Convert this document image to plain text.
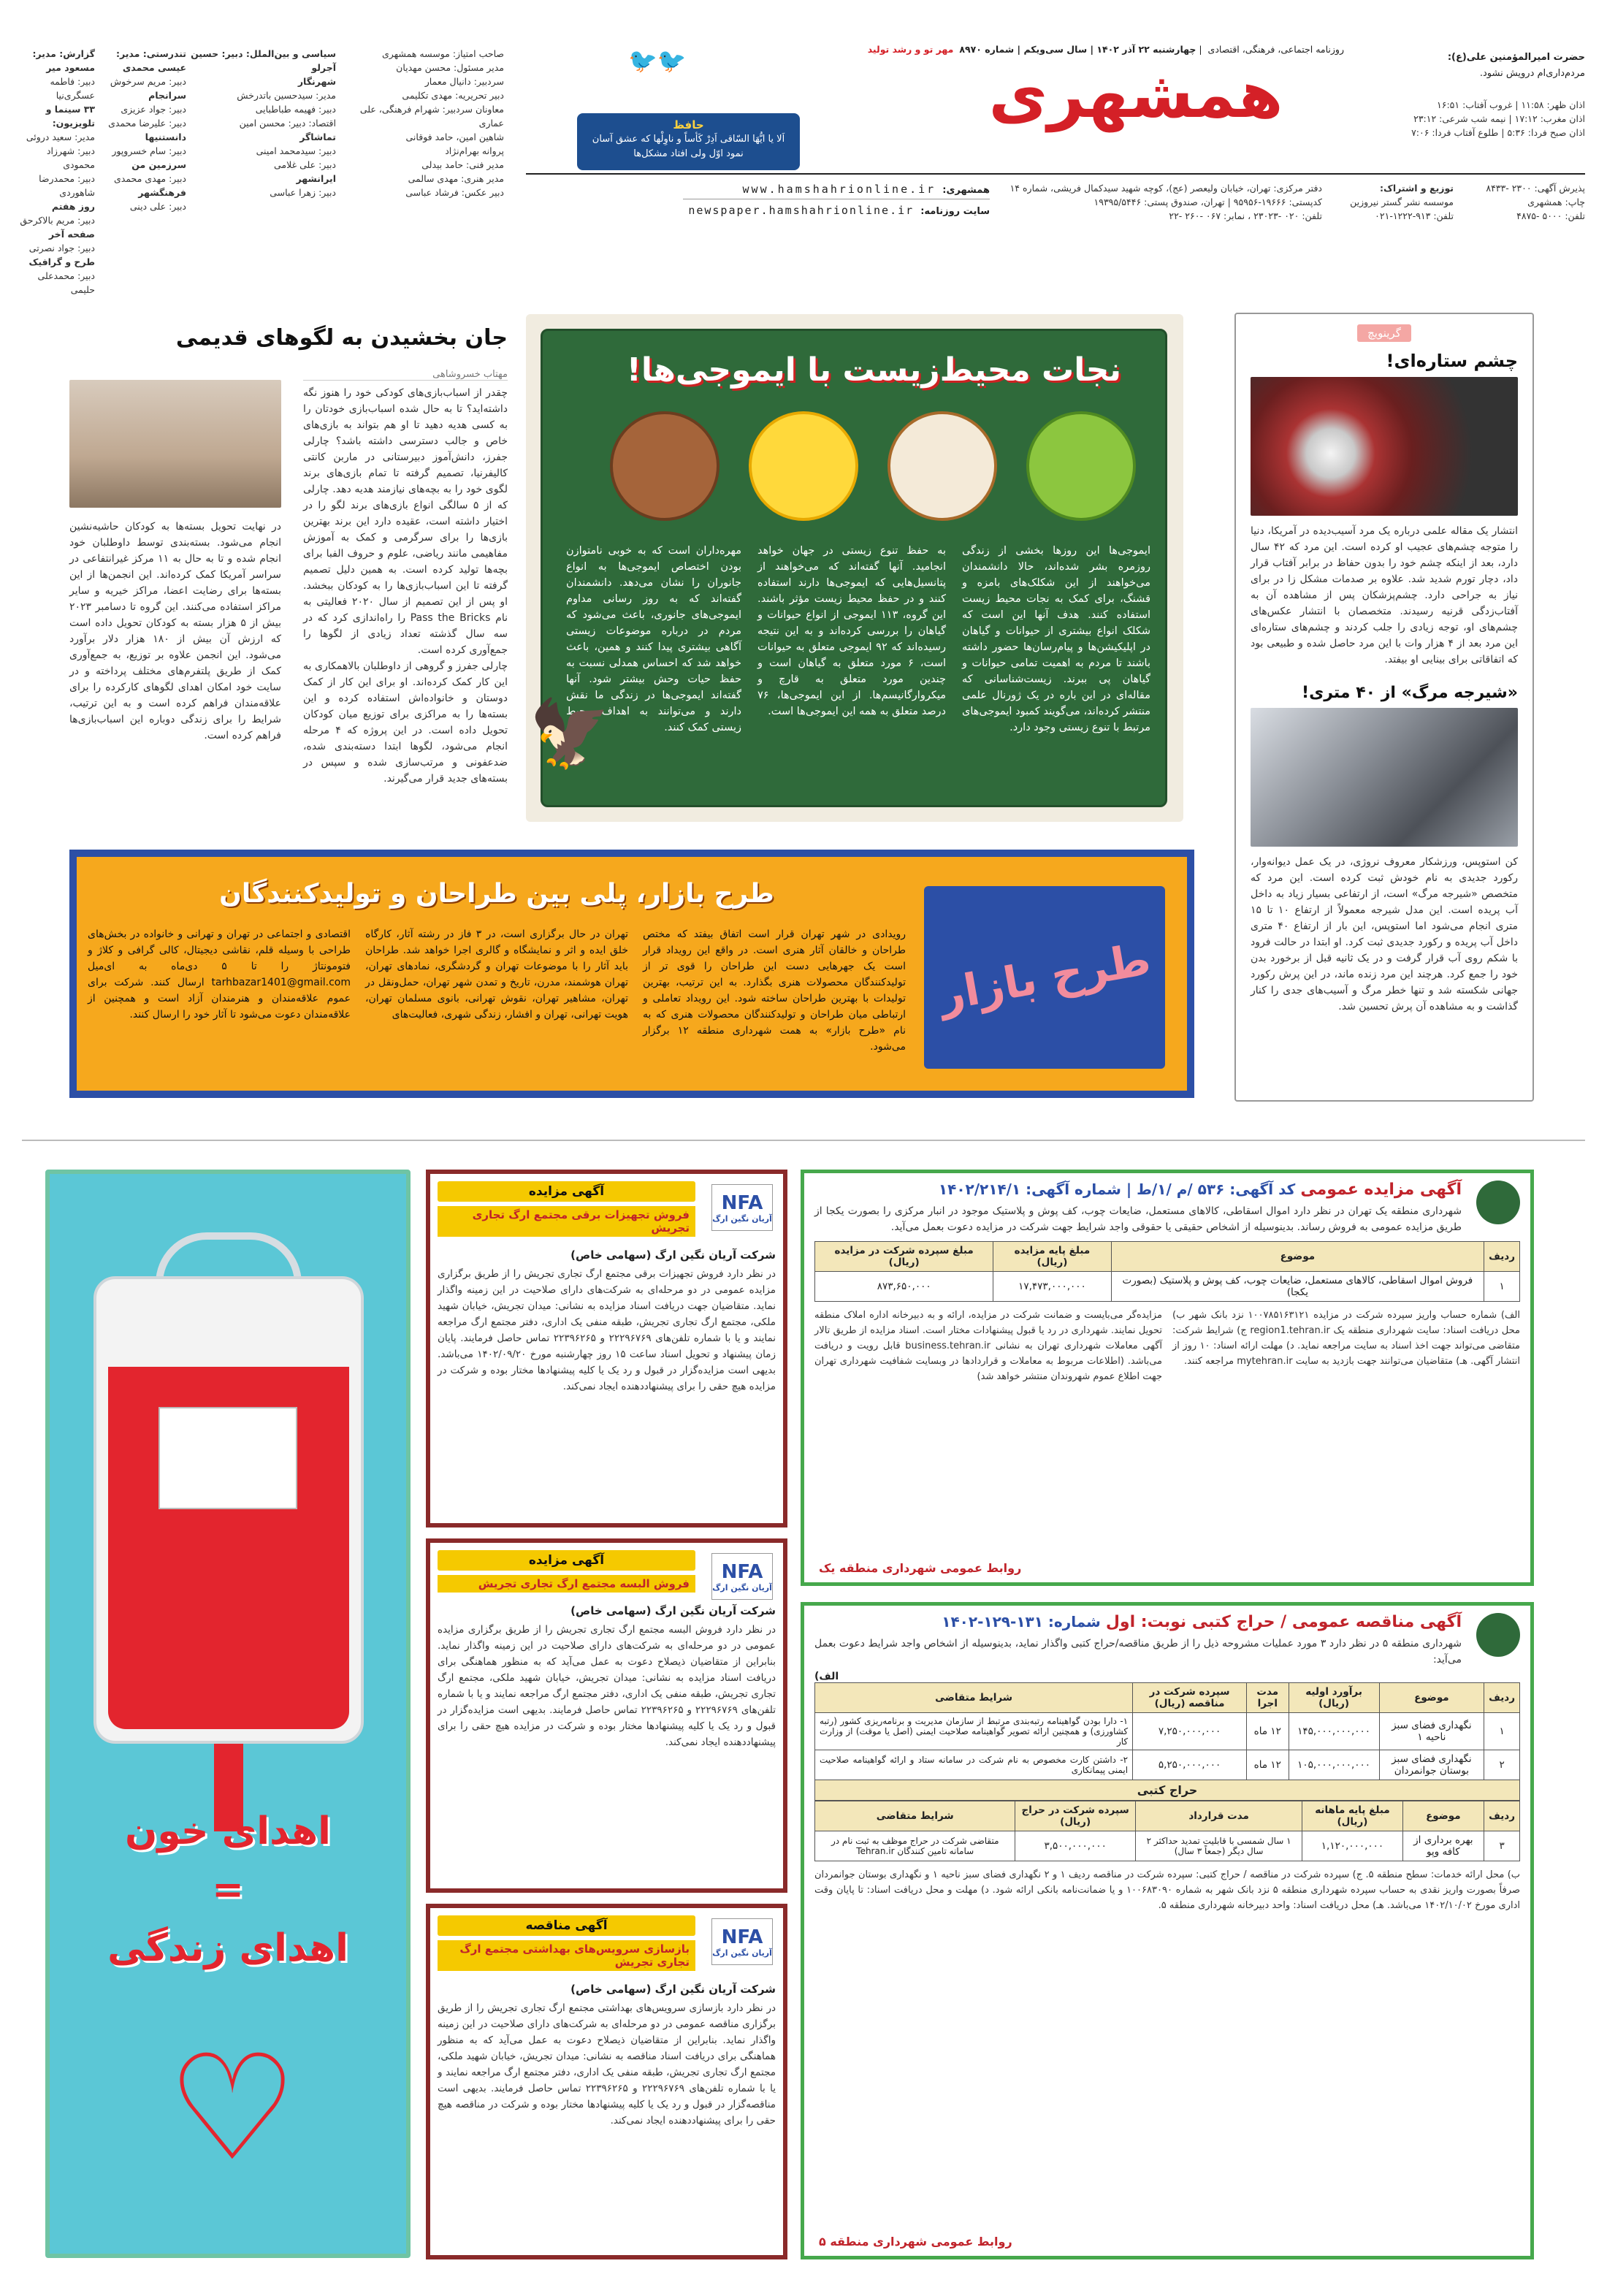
حضرت امیرالمؤمنین علی(ع):
مردم‌داری‌ام درویش نشود.
اذان ظهر: ۱۱:۵۸ | غروب آفتاب: ۱۶:۵۱
اذان مغرب: ۱۷:۱۲ | نیمه شب شرعی: ۲۳:۱۲
اذان صبح فردا: ۵:۳۶ | طلوع آفتاب فردا: ۷:۰۶
روزنامه اجتماعی، فرهنگی، اقتصادی  | چهارشنبه ۲۲ آذر ۱۴۰۲ | سال سی‌ویکم | شماره ۸۹۷۰  مهر تو و رشد تولید
همشهری
حافظ
اَلا یا ایُّهَا السّاقی اَدِرْ کَأساً و ناوِلْها که عشق آسان نمود اوّل ولی افتاد مشکل‌ها
🐦🐦
صاحب امتیاز: موسسه همشهری
مدیر مسئول: محسن مهدیان
سردبیر: دانیال معمار
دبیر تحریریه: مهدی تکلیمی
معاونان سردبیر: شهرام فرهنگی، علی عماری
شاهین امین، حامد فوقانی
پروانه بهرام‌نژاد
مدیر فنی: حامد بیدلی
مدیر هنری: مهدی سالمی
دبیر عکس: فرشاد عباسی
سیاسی و بین‌الملل: دبیر: حسین آجرلو
شهرنگار
مدیر: سیدحسین باتدرخش
دبیر: فهیمه طباطبایی
اقتصاد: دبیر: محسن امین
تماشاگر
دبیر: سیدمحمد امینی
دبیر: علی غلامی
ایرانشهر
دبیر: زهرا عباسی
تندرستی: مدیر: عیسی محمدی
دبیر: مریم سرخوش
سرانجام
دبیر: جواد عزیزی
دبیر: علیرضا محمدی
دانستنیها
دبیر: سام خسروپور
سرزمین من
دبیر: مهدی محمدی
فرهنگشهر
دبیر: علی دینی
گزارش: مدیر: مسعود میر
دبیر: فاطمه عسگری‌نیا
۳۳ سینما و تلویزیون:
مدیر: سعید دروئی
دبیر: شهرزاد محمودی
دبیر: محمدرضا شاهوردی
روز هفتم
دبیر: مریم بالاکرحق
صفحه آخر
دبیر: جواد نصرتی
طرح و گرافیک
دبیر: محمدعلی حلیمی
پذیرش آگهی: ۲۳۰۰ -۸۴۳۳
چاپ: همشهری
تلفن: ۵۰۰۰ -۴۸۷۵
توزیع و اشتراک:
موسسه نشر گستر نیروزین
تلفن: ۹۱۳-۱۲۲۲-۰۲۱
دفتر مرکزی: تهران، خیابان ولیعصر (عج)، کوچه شهید سیدکمال فریشی، شماره ۱۴
کدپستی: ۱۹۶۶۶-۹۵۹۵۶ | تهران، صندوق پستی: ۱۹۳۹۵/۵۴۴۶
تلفن: ۰۲۰ -۲۳۰۲۳ ، نمابر: ۰۶۷ -۲۶۰ -۲۲
همشهری: www.hamshahrionline.ir
سایت روزنامه: newspaper.hamshahrionline.ir
گرینویچ
چشم ستاره‌ای!
انتشار یک مقاله علمی درباره یک مرد آسیب‌دیده در آمریکا، دنیا را متوجه چشم‌های عجیب او کرده است. این مرد که ۴۲ سال دارد، بعد از اینکه چشم خود را بدون حفاظ در برابر آفتاب قرار داد، دچار تورم شدید شد. علاوه بر صدمات مشکل زا در برای نیاز به جراحی دارد. چشم‌پزشکان پس از مشاهده آن به آفتاب‌زدگی قرنیه رسیدند. متخصصان با انتشار عکس‌های چشم‌های او، توجه زیادی را جلب کردند و چشم‌های ستاره‌ای این مرد بعد از ۴ هزار وات با این مرد حاصل شده و طبیعی بود که اتفاقاتی برای بینایی او بیفتد.
«شیرجه مرگ» از ۴۰ متری!
کن استوپس، ورزشکار معروف نروژی، در یک عمل دیوانه‌وار، رکورد جدیدی به نام خودش ثبت کرده است. این مرد که متخصص «شیرجه مرگ» است، از ارتفاعی بسیار زیاد به داخل آب پریده است. این مدل شیرجه معمولاً از ارتفاع ۱۰ تا ۱۵ متری انجام می‌شود اما استوپس، این بار از ارتفاع ۴۰ متری داخل آب پریده و رکورد جدیدی ثبت کرد. او ابتدا در حالت فرود با شکم روی آب قرار گرفت و در یک ثانیه قبل از برخورد بدن خود را جمع کرد. هرچند این مرد زنده ماند، در این پرش رکورد جهانی شکسته شد و تنها خطر مرگ و آسیب‌های جدی را کنار گذاشت و به مشاهده آن پرش تحسین شد.
نجات محیط‌زیست با ایموجی‌ها!
ایموجی‌ها این روزها بخشی از زندگی روزمره بشر شده‌اند، حالا دانشمندان می‌خواهند از این شکلک‌های بامزه و قشنگ، برای کمک به نجات محیط زیست استفاده کنند. هدف آنها این است که شکلک انواع بیشتری از حیوانات و گیاهان در اپلیکیشن‌ها و پیام‌رسان‌ها حضور داشته باشند تا مردم به اهمیت تمامی حیوانات و گیاهان پی ببرند. زیست‌شناسانی که مقاله‌ای در این باره در یک ژورنال علمی منتشر کرده‌اند، می‌گویند کمبود ایموجی‌های مرتبط با تنوع زیستی وجود دارد.
به حفظ تنوع زیستی در جهان خواهد انجامید. آنها گفته‌اند که می‌خواهند از پتانسیل‌هایی که ایموجی‌ها دارند استفاده کنند و در حفظ محیط زیست مؤثر باشند. این گروه، ۱۱۳ ایموجی از انواع حیوانات و گیاهان را بررسی کرده‌اند و به این نتیجه رسیده‌اند که ۹۲ ایموجی متعلق به حیوانات است، ۶ مورد متعلق به گیاهان است و چندین مورد متعلق به قارچ و میکروارگانیسم‌ها. از این ایموجی‌ها، ۷۶ درصد متعلق به همه این ایموجی‌ها است.
مهره‌داران است که به خوبی نامتوازن بودن اختصاص ایموجی‌ها به انواع جانوران را نشان می‌دهد. دانشمندان گفته‌اند که به روز رسانی مداوم ایموجی‌های جانوری، باعث می‌شود که مردم در درباره موضوعات زیستی آگاهی بیشتری پیدا کنند و همین، باعث خواهد شد که احساس همدلی نسبت به حفظ حیات وحش بیشتر شود. آنها گفته‌اند ایموجی‌ها در زندگی ما نقش دارند و می‌توانند به اهداف محیط زیستی کمک کنند.
🦅
جان بخشیدن به لگوهای قدیمی
مهتاب خسروشاهی
چقدر از اسباب‌بازی‌های کودکی خود را هنوز نگه داشته‌اید؟ تا به حال شده اسباب‌بازی خودتان را به کسی هدیه دهید تا او هم بتواند به بازی‌های خاص و جالب دسترسی داشته باشد؟ چارلی جفرز، دانش‌آموز دبیرستانی در ماربن کانتی کالیفرنیا، تصمیم گرفته تا تمام بازی‌های برند لگوی خود را به بچه‌های نیازمند هدیه دهد. چارلی که از ۵ سالگی انواع بازی‌های برند لگو را در اختیار داشته است، عقیده دارد این برند بهترین بازی‌ها را برای سرگرمی و کمک به آموزش مفاهیمی مانند ریاضی، علوم و حروف الفبا برای بچه‌ها تولید کرده است. به همین دلیل تصمیم گرفته تا این اسباب‌بازی‌ها را به کودکان ببخشد. او پس از این تصمیم از سال ۲۰۲۰ فعالیتی به نام Pass the Bricks را راه‌اندازی کرد که در سه سال گذشته تعداد زیادی از لگوها را جمع‌آوری کرده است.
چارلی جفرز و گروهی از داوطلبان بالاهمکاری به این کار کمک کرده‌اند. او برای این کار از کمک دوستان و خانواده‌اش استفاده کرده و این بسته‌ها را به مراکزی برای توزیع میان کودکان تحویل داده است. در این پروژه که ۴ مرحله انجام می‌شود، لگوها ابتدا دسته‌بندی شده، ضدعفونی و مرتب‌سازی شده و سپس در بسته‌های جدید قرار می‌گیرند.
در نهایت تحویل بسته‌ها به کودکان حاشیه‌نشین انجام می‌شود. بسته‌بندی توسط داوطلبان خود انجام شده و تا به حال به ۱۱ مرکز غیرانتفاعی در سراسر آمریکا کمک کرده‌اند. این انجمن‌ها از این بسته‌ها برای رضایت اعضا، مراکز خیریه و سایر مراکز استفاده می‌کنند. این گروه تا دسامبر ۲۰۲۳ بیش از ۵ هزار بسته به کودکان تحویل داده است که ارزش آن بیش از ۱۸۰ هزار دلار برآورد می‌شود. این انجمن علاوه بر توزیع، به جمع‌آوری کمک از طریق پلتفرم‌های مختلف پرداخته و در سایت خود امکان اهدای لگوهای کارکرده را برای علاقه‌مندان فراهم کرده است و به این ترتیب، شرایط را برای زندگی دوباره این اسباب‌بازی‌ها فراهم کرده است.
طرح بازار
طرح بازار، پلی بین طراحان و تولیدکنندگان
رویدادی در شهر تهران قرار است اتفاق بیفتد که مختص طراحان و خالقان آثار هنری است. در واقع این رویداد قرار است یک جهرهایی دست این طراحان را قوی تر از تولیدکنندگان محصولات هنری بگذارد. به این ترتیب، بهترین تولیدات با بهترین طراحان ساخته شود. این رویداد تعاملی و ارتباطی میان طراحان و تولیدکنندگان محصولات هنری که به نام «طرح بازار» به همت شهرداری منطقه ۱۲ برگزار می‌شود.
تهران در حال برگزاری است، در ۳ فاز در رشته آثار، کارگاه خلق ایده و اثر و نمایشگاه و گالری اجرا خواهد شد. طراحان باید آثار را با موضوعات تهران و گردشگری، نمادهای تهران، تهران هوشمند، مدرن، تاریخ و تمدن شهر تهران، حمل‌ونقل در تهران، مشاهیر تهران، نقوش تهرانی، بانوی مسلمان تهران، هویت تهرانی، تهران و افشار، زندگی شهری، فعالیت‌های
اقتصادی و اجتماعی در تهران و تهرانی و خانواده در بخش‌های طراحی با وسیله قلم، نقاشی دیجیتال، کالی گرافی و کلاژ و فتومونتاژ را تا ۵ دی‌ماه به ای‌میل tarhbazar1401@gmail.com ارسال کنند. شرکت برای عموم علاقه‌مندان و هنرمندان آزاد است و همچنین از علاقه‌مندان دعوت می‌شود تا آثار خود را ارسال کنند.
آگهی مزایده عمومی کد آگهی: ۵۳۶ /م /۱/ط | شماره آگهی: ۱۴۰۲/۲۱۴/۱
شهرداری منطقه یک تهران در نظر دارد اموال اسقاطی، کالاهای مستعمل، ضایعات چوب، کف پوش و پلاستیک موجود در انبار مرکزی را بصورت یکجا از طریق مزایده عمومی به فروش رساند. بدینوسیله از اشخاص حقیقی یا حقوقی واجد شرایط جهت شرکت در مزایده دعوت بعمل می‌آید.
ردیف	موضوع	مبلغ پایه مزایده (ریال)	مبلغ سپرده شرکت در مزایده (ریال)
۱	فروش اموال اسقاطی، کالاهای مستعمل، ضایعات چوب، کف پوش و پلاستیک (بصورت یکجا)	۱۷,۴۷۳,۰۰۰,۰۰۰	۸۷۳,۶۵۰,۰۰۰
الف) شماره حساب واریز سپرده شرکت در مزایده ۱۰۰۷۸۵۱۶۳۱۲۱ نزد بانک شهر ب) محل دریافت اسناد: سایت شهرداری منطقه یک region1.tehran.ir ج) شرایط شرکت: متقاضی می‌تواند جهت اخذ اسناد به سایت مراجعه نماید. د) مهلت ارائه اسناد: ۱۰ روز از انتشار آگهی. هـ) متقاضیان می‌توانند جهت بازدید به سایت mytehran.ir مراجعه کنند.
مزایده‌گر می‌بایست و ضمانت شرکت در مزایده، ارائه و به دبیرخانه اداره املاک منطقه تحویل نمایند. شهرداری در رد یا قبول پیشنهادات مختار است. اسناد مزایده از طریق تالار آگهی معاملات شهرداری تهران به نشانی business.tehran.ir قابل رویت و دریافت می‌باشد. (اطلاعات مربوط به معاملات و قراردادها در وبسایت شفافیت شهرداری تهران جهت اطلاع عموم شهروندان منتشر خواهد شد)
روابط عمومی شهرداری منطقه یک
آگهی مناقصه عمومی / حراج کتبی نوبت: اول شماره: ۱۳۱-۱۲۹-۱۴۰۲
شهرداری منطقه ۵ در نظر دارد ۳ مورد عملیات مشروحه ذیل را از طریق مناقصه/حراج کتبی واگذار نماید، بدینوسیله از اشخاص واجد شرایط دعوت بعمل می‌آید:
الف)
ردیف	موضوع	برآورد اولیه (ریال)	مدت اجرا	سپرده شرکت در مناقصه (ریال)	شرایط متقاضی
۱	نگهداری فضای سبز ناحیه ۱	۱۴۵,۰۰۰,۰۰۰,۰۰۰	۱۲ ماه	۷,۲۵۰,۰۰۰,۰۰۰	۱- دارا بودن گواهینامه رتبه‌بندی مرتبط از سازمان مدیریت و برنامه‌ریزی کشور (رتبه کشاورزی) و همچنین ارائه تصویر گواهینامه صلاحیت ایمنی (اصل یا موقت) از وزارت کار
۲	نگهداری فضای سبز بوستان جوانمردان	۱۰۵,۰۰۰,۰۰۰,۰۰۰	۱۲ ماه	۵,۲۵۰,۰۰۰,۰۰۰	۲- داشتن کارت مخصوص به نام شرکت در سامانه ستاد و ارائه گواهینامه صلاحیت ایمنی پیمانکاری
حراج کتبی
ردیف	موضوع	مبلغ پایه ماهانه (ریال)	مدت قرارداد	سپرده شرکت در حراج (ریال)	شرایط متقاضی
۳	بهره برداری از کافه وپو	۱,۱۲۰,۰۰۰,۰۰۰	۱ سال شمسی با قابلیت تمدید حداکثر ۲ سال دیگر (جمعاً ۳ سال)	۳,۵۰۰,۰۰۰,۰۰۰	متقاضی شرکت در حراج موظف به ثبت نام در سامانه تامین کنندگان Tehran.ir
ب) محل ارائه خدمات: سطح منطقه ۵. ج) سپرده شرکت در مناقصه / حراج کتبی: سپرده شرکت در مناقصه ردیف ۱ و ۲ نگهداری فضای سبز ناحیه ۱ و نگهداری بوستان جوانمردان صرفاً بصورت واریز نقدی به حساب سپرده شهرداری منطقه ۵ نزد بانک شهر به شماره ۱۰۰۶۸۳۰۹۰ و یا ضمانت‌نامه بانکی ارائه شود. د) مهلت و محل دریافت اسناد: تا پایان وقت اداری مورخ ۱۴۰۲/۱۰/۰۲ می‌باشد. هـ) محل دریافت اسناد: واحد دبیرخانه شهرداری منطقه ۵.
روابط عمومی شهرداری منطقه ۵
NFA
آریان نگین ارگ
آگهی مزایده
فروش تجهیزات برقی مجتمع ارگ تجاری تجریش
شرکت آریان نگین ارگ (سهامی خاص)
در نظر دارد فروش تجهیزات برقی مجتمع ارگ تجاری تجریش را از طریق برگزاری مزایده عمومی در دو مرحله‌ای به شرکت‌های دارای صلاحیت در این زمینه واگذار نماید. متقاضیان جهت دریافت اسناد مزایده به نشانی: میدان تجریش، خیابان شهید ملکی، مجتمع ارگ تجاری تجریش، طبقه منفی یک اداری، دفتر مجتمع ارگ مراجعه نمایند و یا با شماره تلفن‌های ۲۲۲۹۶۷۶۹ و ۲۲۳۹۶۲۶۵ تماس حاصل فرمایند. پایان زمان پیشنهاد و تحویل اسناد ساعت ۱۵ روز چهارشنبه مورخ ۱۴۰۲/۰۹/۲۰ می‌باشد. بدیهی است مزایده‌گزار در قبول و رد یک یا کلیه پیشنهادها مختار بوده و شرکت در مزایده هیچ حقی را برای پیشنهاددهنده ایجاد نمی‌کند.
NFA
آریان نگین ارگ
آگهی مزایده
فروش البسه مجتمع ارگ تجاری تجریش
شرکت آریان نگین ارگ (سهامی خاص)
در نظر دارد فروش البسه مجتمع ارگ تجاری تجریش را از طریق برگزاری مزایده عمومی در دو مرحله‌ای به شرکت‌های دارای صلاحیت در این زمینه واگذار نماید. بنابراین از متقاضیان ذیصلاح دعوت به عمل می‌آید که به منظور هماهنگی برای دریافت اسناد مزایده به نشانی: میدان تجریش، خیابان شهید ملکی، مجتمع ارگ تجاری تجریش، طبقه منفی یک اداری، دفتر مجتمع ارگ مراجعه نمایند و یا با شماره تلفن‌های ۲۲۲۹۶۷۶۹ و ۲۲۳۹۶۲۶۵ تماس حاصل فرمایند. بدیهی است مزایده‌گزار در قبول و رد یک یا کلیه پیشنهادها مختار بوده و شرکت در مزایده هیچ حقی را برای پیشنهاددهنده ایجاد نمی‌کند.
NFA
آریان نگین ارگ
آگهی مناقصه
بازسازی سرویس‌های بهداشتی مجتمع ارگ تجاری تجریش
شرکت آریان نگین ارگ (سهامی خاص)
در نظر دارد بازسازی سرویس‌های بهداشتی مجتمع ارگ تجاری تجریش را از طریق برگزاری مناقصه عمومی در دو مرحله‌ای به شرکت‌های دارای صلاحیت در این زمینه واگذار نماید. بنابراین از متقاضیان ذیصلاح دعوت به عمل می‌آید که به منظور هماهنگی برای دریافت اسناد مناقصه به نشانی: میدان تجریش، خیابان شهید ملکی، مجتمع ارگ تجاری تجریش، طبقه منفی یک اداری، دفتر مجتمع ارگ مراجعه نمایند و یا با شماره تلفن‌های ۲۲۲۹۶۷۶۹ و ۲۲۳۹۶۲۶۵ تماس حاصل فرمایند. بدیهی است مناقصه‌گزار در قبول و رد یک یا کلیه پیشنهادها مختار بوده و شرکت در مناقصه هیچ حقی را برای پیشنهاددهنده ایجاد نمی‌کند.
اهدای خون
=
اهدای زندگی
♡
